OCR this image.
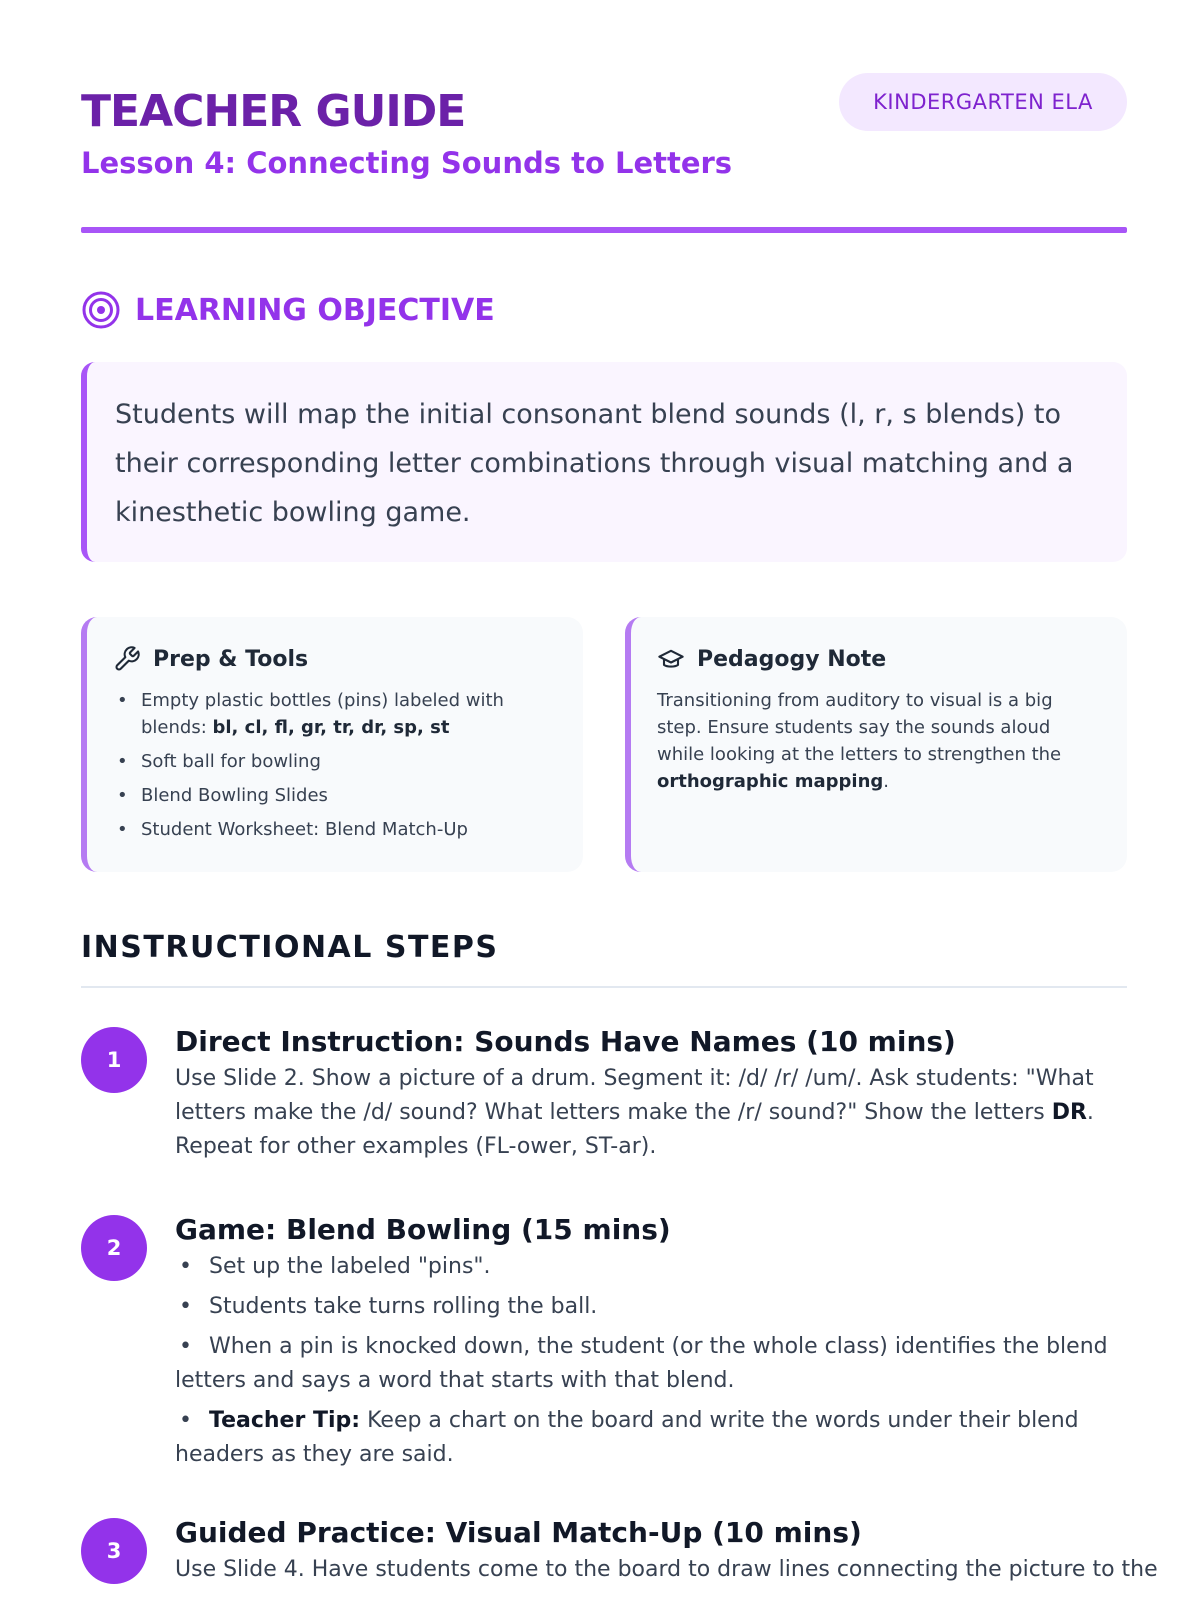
TEACHER GUIDE
Lesson 4: Connecting Sounds to Letters
KINDERGARTEN ELA
LEARNING OBJECTIVE

Students will map the initial consonant blend sounds (l, r, s blends) to their corresponding letter combinations through visual matching and a kinesthetic bowling game.

Prep & Tools
• Empty plastic bottles (pins) labeled with blends: bl, cl, fl, gr, tr, dr, sp, st
• Soft ball for bowling
• Blend Bowling Slides
• Student Worksheet: Blend Match-Up
Pedagogy Note

Transitioning from auditory to visual is a big step. Ensure students say the sounds aloud while looking at the letters to strengthen the orthographic mapping.

INSTRUCTIONAL STEPS
1
Direct Instruction: Sounds Have Names (10 mins)

Use Slide 2. Show a picture of a drum. Segment it: /d/ /r/ /um/. Ask students: "What letters make the /d/ sound? What letters make the /r/ sound?" Show the letters DR. Repeat for other examples (FL-ower, ST-ar).

2
Game: Blend Bowling (15 mins)
• Set up the labeled "pins".
• Students take turns rolling the ball.
• When a pin is knocked down, the student (or the whole class) identifies the blend letters and says a word that starts with that blend.
• Teacher Tip: Keep a chart on the board and write the words under their blend headers as they are said.
3
Guided Practice: Visual Match-Up (10 mins)

Use Slide 4. Have students come to the board to draw lines connecting the picture to the
